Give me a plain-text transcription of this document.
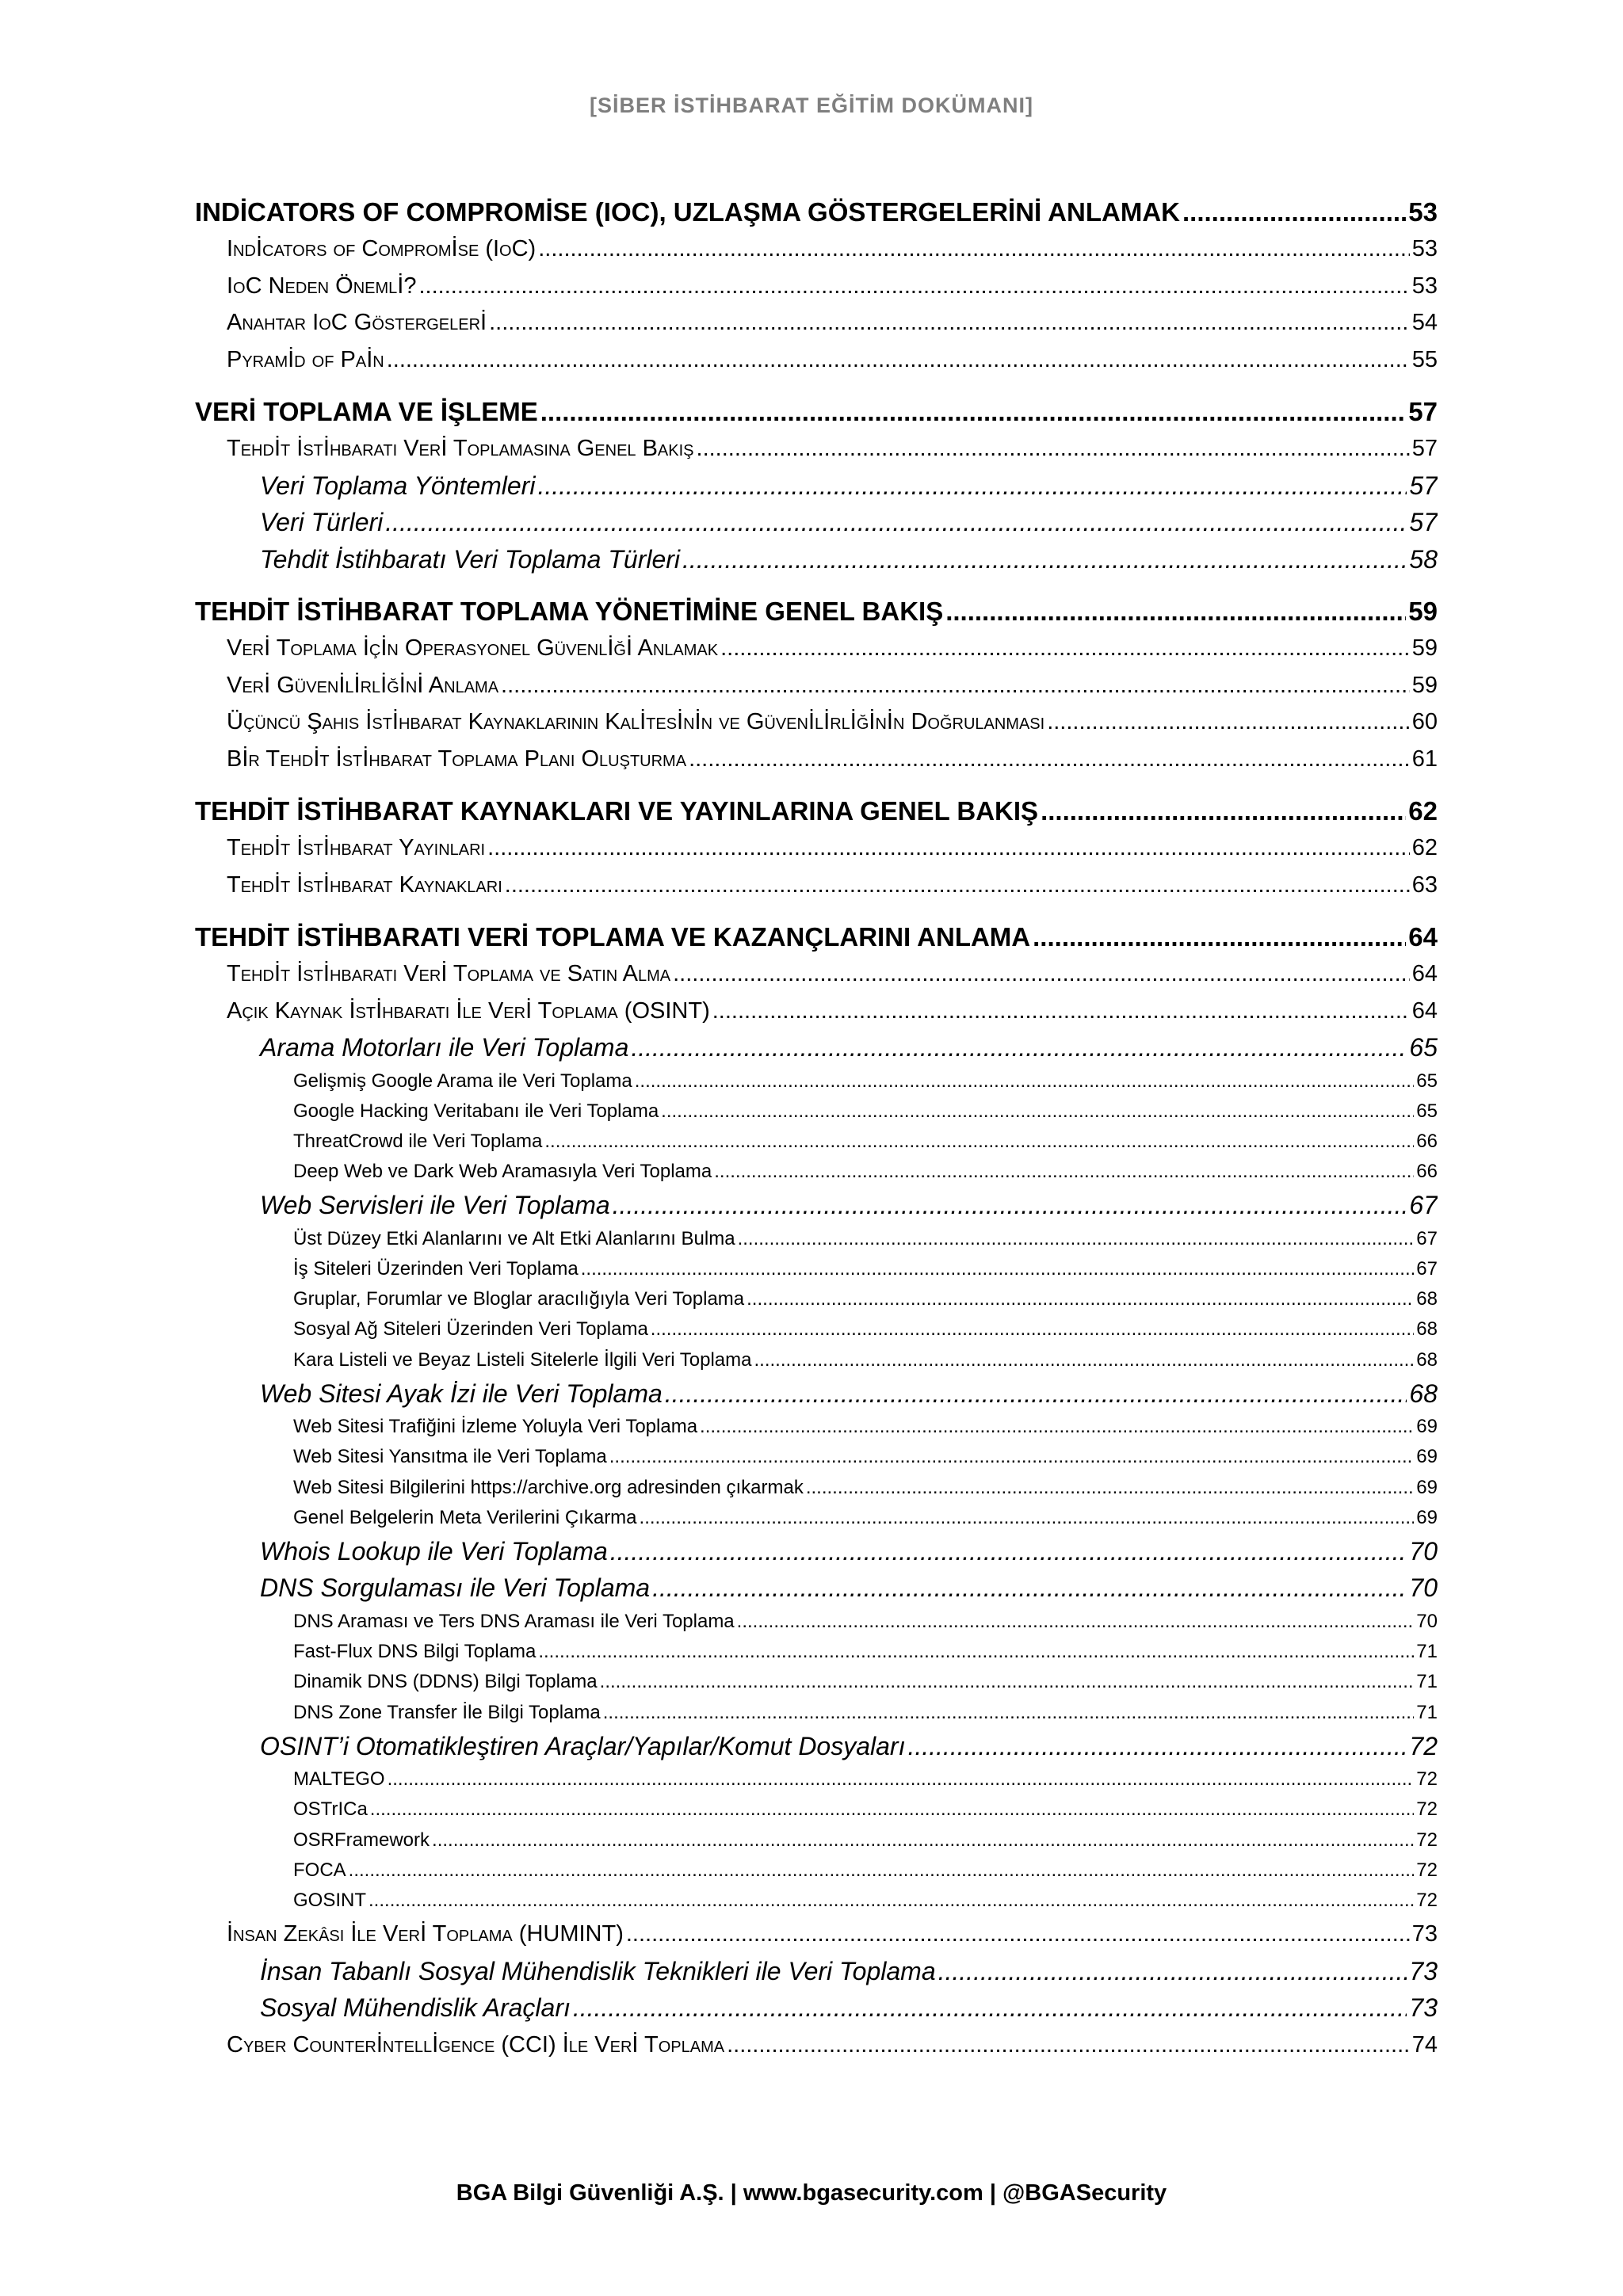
[SİBER İSTİHBARAT EĞİTİM DOKÜMANI]
INDİCATORS OF COMPROMİSE (IOC), UZLAŞMA GÖSTERGELERİNİ ANLAMAK .....	53
Indİcators of Compromİse (IoC) .....	53
IoC Neden Önemlİ? .....	53
Anahtar IoC Göstergelerİ .....	54
Pyramİd of Paİn .....	55
VERİ TOPLAMA VE İŞLEME .....	57
Tehdİt İstİhbaratı Verİ Toplamasına Genel Bakış .....	57
Veri Toplama Yöntemleri .....	57
Veri Türleri .....	57
Tehdit İstihbaratı Veri Toplama Türleri .....	58
TEHDİT İSTİHBARAT TOPLAMA YÖNETİMİNE GENEL BAKIŞ .....	59
Verİ Toplama İçİn Operasyonel Güvenlİğİ Anlamak .....	59
Verİ Güvenİlİrlİğİnİ Anlama .....	59
Üçüncü Şahıs İstİhbarat Kaynaklarının Kalİtesİnİn ve Güvenİlİrlİğİnİn Doğrulanması .....	60
Bİr Tehdİt İstİhbarat Toplama Planı Oluşturma .....	61
TEHDİT İSTİHBARAT KAYNAKLARI VE YAYINLARINA GENEL BAKIŞ .....	62
Tehdİt İstİhbarat Yayınları .....	62
Tehdİt İstİhbarat Kaynakları .....	63
TEHDİT İSTİHBARATI VERİ TOPLAMA VE KAZANÇLARINI ANLAMA .....	64
Tehdİt İstİhbaratı Verİ Toplama ve Satın Alma .....	64
Açık Kaynak İstİhbaratı İle Verİ Toplama (OSINT) .....	64
Arama Motorları ile Veri Toplama .....	65
Gelişmiş Google Arama ile Veri Toplama .....	65
Google Hacking Veritabanı ile Veri Toplama .....	65
ThreatCrowd ile Veri Toplama .....	66
Deep Web ve Dark Web Aramasıyla Veri Toplama .....	66
Web Servisleri ile Veri Toplama .....	67
Üst Düzey Etki Alanlarını ve Alt Etki Alanlarını Bulma .....	67
İş Siteleri Üzerinden Veri Toplama .....	67
Gruplar, Forumlar ve Bloglar aracılığıyla Veri Toplama .....	68
Sosyal Ağ Siteleri Üzerinden Veri Toplama .....	68
Kara Listeli ve Beyaz Listeli Sitelerle İlgili Veri Toplama .....	68
Web Sitesi Ayak İzi ile Veri Toplama .....	68
Web Sitesi Trafiğini İzleme Yoluyla Veri Toplama .....	69
Web Sitesi Yansıtma ile Veri Toplama .....	69
Web Sitesi Bilgilerini https://archive.org adresinden çıkarmak .....	69
Genel Belgelerin Meta Verilerini Çıkarma .....	69
Whois Lookup ile Veri Toplama .....	70
DNS Sorgulaması ile Veri Toplama .....	70
DNS Araması ve Ters DNS Araması ile Veri Toplama .....	70
Fast-Flux DNS Bilgi Toplama .....	71
Dinamik DNS (DDNS) Bilgi Toplama .....	71
DNS Zone Transfer İle Bilgi Toplama .....	71
OSINT’i Otomatikleştiren Araçlar/Yapılar/Komut Dosyaları .....	72
MALTEGO .....	72
OSTrICa .....	72
OSRFramework .....	72
FOCA .....	72
GOSINT .....	72
İnsan Zekâsı İle Verİ Toplama (HUMINT) .....	73
İnsan Tabanlı Sosyal Mühendislik Teknikleri ile Veri Toplama .....	73
Sosyal Mühendislik Araçları .....	73
Cyber Counterİntellİgence (CCI) İle Verİ Toplama .....	74
BGA Bilgi Güvenliği A.Ş. | www.bgasecurity.com | @BGASecurity
